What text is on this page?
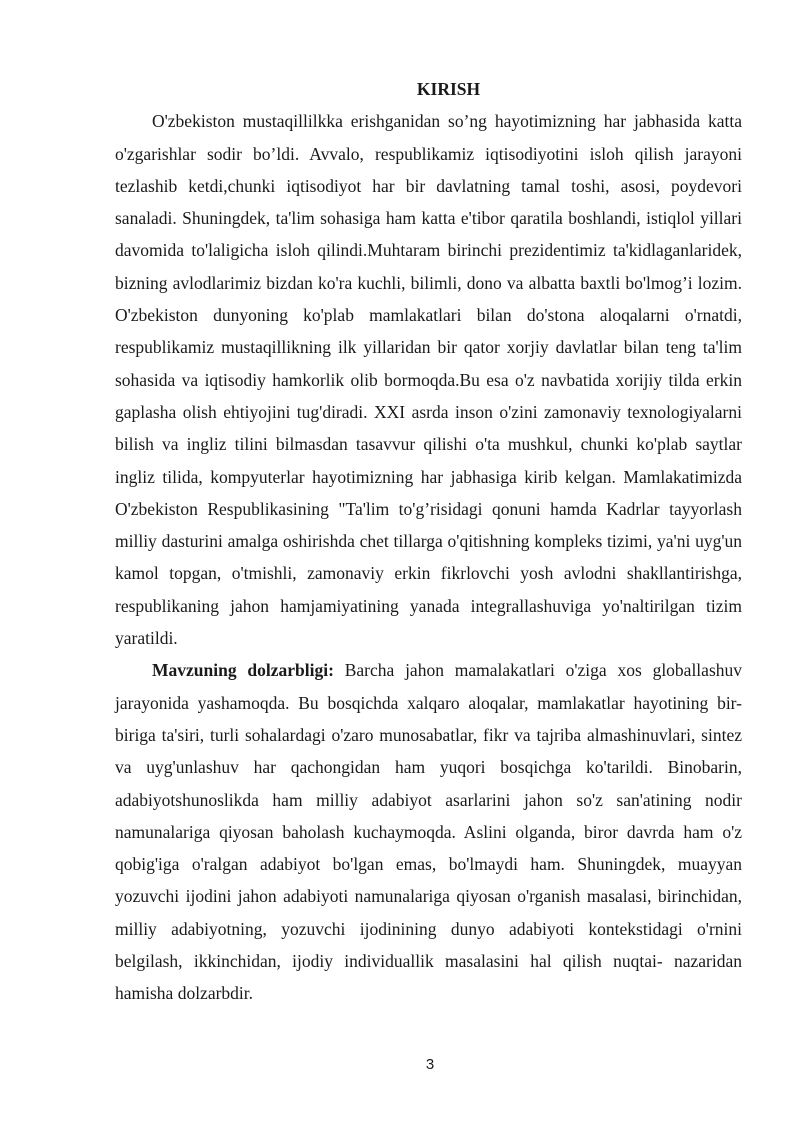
KIRISH

O'zbekiston mustaqillilkka erishganidan so’ng hayotimizning har jabhasida katta o'zgarishlar sodir bo’ldi. Avvalo, respublikamiz iqtisodiyotini isloh qilish jarayoni tezlashib ketdi,chunki iqtisodiyot har bir davlatning tamal toshi, asosi, poydevori sanaladi. Shuningdek, ta'lim sohasiga ham katta e'tibor qaratila boshlandi, istiqlol yillari davomida to'laligicha isloh qilindi.Muhtaram birinchi prezidentimiz ta'kidlaganlaridek, bizning avlodlarimiz bizdan ko'ra kuchli, bilimli, dono va albatta baxtli bo'lmog’i lozim. O'zbekiston dunyoning ko'plab mamlakatlari bilan do'stona aloqalarni o'rnatdi, respublikamiz mustaqillikning ilk yillaridan bir qator xorjiy davlatlar bilan teng ta'lim sohasida va iqtisodiy hamkorlik olib bormoqda.Bu esa o'z navbatida xorijiy tilda erkin gaplasha olish ehtiyojini tug'diradi. XXI asrda inson o'zini zamonaviy texnologiyalarni bilish va ingliz tilini bilmasdan tasavvur qilishi o'ta mushkul, chunki ko'plab saytlar ingliz tilida, kompyuterlar hayotimizning har jabhasiga kirib kelgan. Mamlakatimizda O'zbekiston Respublikasining "Ta'lim to'g’risidagi qonuni hamda Kadrlar tayyorlash milliy dasturini amalga oshirishda chet tillarga o'qitishning kompleks tizimi, ya'ni uyg'un kamol topgan, o'tmishli, zamonaviy erkin fikrlovchi yosh avlodni shakllantirishga, respublikaning jahon hamjamiyatining yanada integrallashuviga yo'naltirilgan tizim yaratildi.

Mavzuning dolzarbligi: Barcha jahon mamalakatlari o'ziga xos globallashuv jarayonida yashamoqda. Bu bosqichda xalqaro aloqalar, mamlakatlar hayotining bir-biriga ta'siri, turli sohalardagi o'zaro munosabatlar, fikr va tajriba almashinuvlari, sintez va uyg'unlashuv har qachongidan ham yuqori bosqichga ko'tarildi. Binobarin, adabiyotshunoslikda ham milliy adabiyot asarlarini jahon so'z san'atining nodir namunalariga qiyosan baholash kuchaymoqda. Aslini olganda, biror davrda ham o'z qobig'iga o'ralgan adabiyot bo'lgan emas, bo'lmaydi ham. Shuningdek, muayyan yozuvchi ijodini jahon adabiyoti namunalariga qiyosan o'rganish masalasi, birinchidan, milliy adabiyotning, yozuvchi ijodinining dunyo adabiyoti kontekstidagi o'rnini belgilash, ikkinchidan, ijodiy individuallik masalasini hal qilish nuqtai- nazaridan hamisha dolzarbdir.

3
